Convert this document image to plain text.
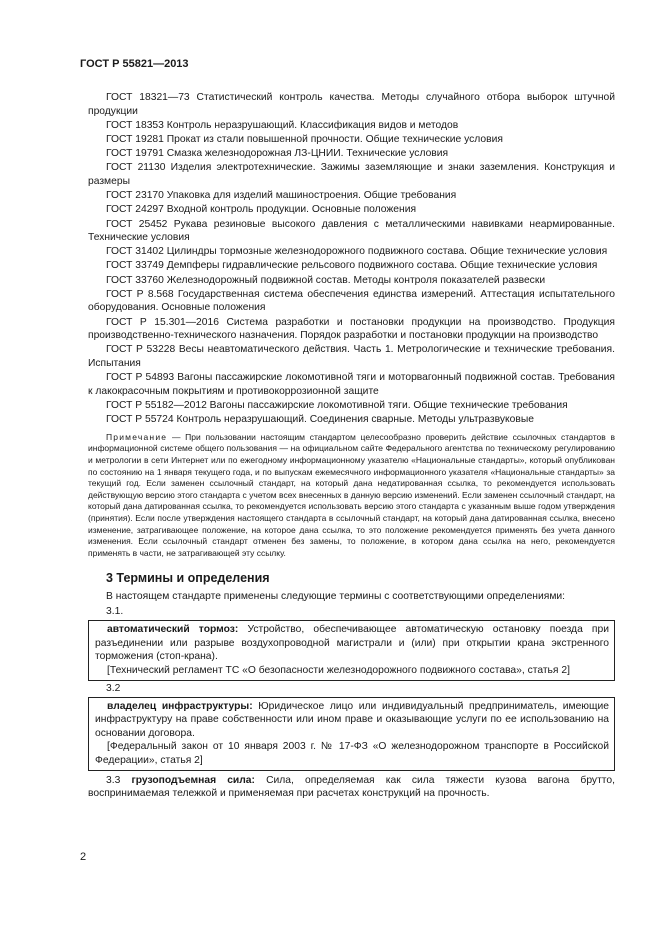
ГОСТ Р 55821—2013

ГОСТ 18321—73 Статистический контроль качества. Методы случайного отбора выборок штучной продукции

ГОСТ 18353 Контроль неразрушающий. Классификация видов и методов

ГОСТ 19281 Прокат из стали повышенной прочности. Общие технические условия

ГОСТ 19791 Смазка железнодорожная ЛЗ-ЦНИИ. Технические условия

ГОСТ 21130 Изделия электротехнические. Зажимы заземляющие и знаки заземления. Конструкция и размеры

ГОСТ 23170 Упаковка для изделий машиностроения. Общие требования

ГОСТ 24297 Входной контроль продукции. Основные положения

ГОСТ 25452 Рукава резиновые высокого давления с металлическими навивками неармированные. Технические условия

ГОСТ 31402 Цилиндры тормозные железнодорожного подвижного состава. Общие технические условия

ГОСТ 33749 Демпферы гидравлические рельсового подвижного состава. Общие технические условия

ГОСТ 33760 Железнодорожный подвижной состав. Методы контроля показателей развески

ГОСТ Р 8.568 Государственная система обеспечения единства измерений. Аттестация испытательного оборудования. Основные положения

ГОСТ Р 15.301—2016 Система разработки и постановки продукции на производство. Продукция производственно-технического назначения. Порядок разработки и постановки продукции на производство

ГОСТ Р 53228 Весы неавтоматического действия. Часть 1. Метрологические и технические требования. Испытания

ГОСТ Р 54893 Вагоны пассажирские локомотивной тяги и моторвагонный подвижной состав. Требования к лакокрасочным покрытиям и противокоррозионной защите

ГОСТ Р 55182—2012 Вагоны пассажирские локомотивной тяги. Общие технические требования

ГОСТ Р 55724 Контроль неразрушающий. Соединения сварные. Методы ультразвуковые

Примечание — При пользовании настоящим стандартом целесообразно проверить действие ссылочных стандартов в информационной системе общего пользования — на официальном сайте Федерального агентства по техническому регулированию и метрологии в сети Интернет или по ежегодному информационному указателю «Национальные стандарты», который опубликован по состоянию на 1 января текущего года, и по выпускам ежемесячного информационного указателя «Национальные стандарты» за текущий год. Если заменен ссылочный стандарт, на который дана недатированная ссылка, то рекомендуется использовать действующую версию этого стандарта с учетом всех внесенных в данную версию изменений. Если заменен ссылочный стандарт, на который дана датированная ссылка, то рекомендуется использовать версию этого стандарта с указанным выше годом утверждения (принятия). Если после утверждения настоящего стандарта в ссылочный стандарт, на который дана датированная ссылка, внесено изменение, затрагивающее положение, на которое дана ссылка, то это положение рекомендуется применять без учета данного изменения. Если ссылочный стандарт отменен без замены, то положение, в котором дана ссылка на него, рекомендуется применять в части, не затрагивающей эту ссылку.

3 Термины и определения

В настоящем стандарте применены следующие термины с соответствующими определениями:

3.1.

автоматический тормоз: Устройство, обеспечивающее автоматическую остановку поезда при разъединении или разрыве воздухопроводной магистрали и (или) при открытии крана экстренного торможения (стоп-крана).

[Технический регламент ТС «О безопасности железнодорожного подвижного состава», статья 2]

3.2

владелец инфраструктуры: Юридическое лицо или индивидуальный предприниматель, имеющие инфраструктуру на праве собственности или ином праве и оказывающие услуги по ее использованию на основании договора.

[Федеральный закон от 10 января 2003 г. № 17-ФЗ «О железнодорожном транспорте в Российской Федерации», статья 2]

3.3 грузоподъемная сила: Сила, определяемая как сила тяжести кузова вагона брутто, воспринимаемая тележкой и применяемая при расчетах конструкций на прочность.

2
